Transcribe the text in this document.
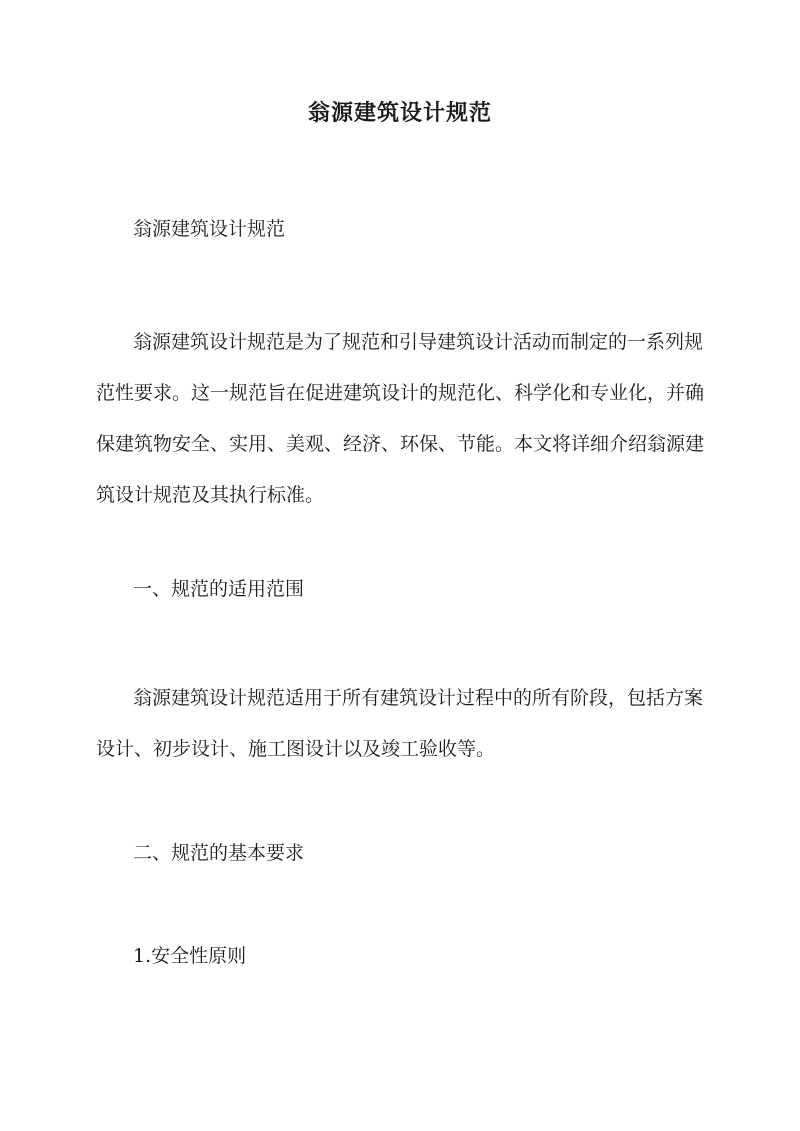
翁源建筑设计规范
翁源建筑设计规范
翁源建筑设计规范是为了规范和引导建筑设计活动而制定的一系列规
范性要求。这一规范旨在促进建筑设计的规范化、科学化和专业化，并确
保建筑物安全、实用、美观、经济、环保、节能。本文将详细介绍翁源建
筑设计规范及其执行标准。
一、规范的适用范围
翁源建筑设计规范适用于所有建筑设计过程中的所有阶段，包括方案
设计、初步设计、施工图设计以及竣工验收等。
二、规范的基本要求
1.安全性原则
